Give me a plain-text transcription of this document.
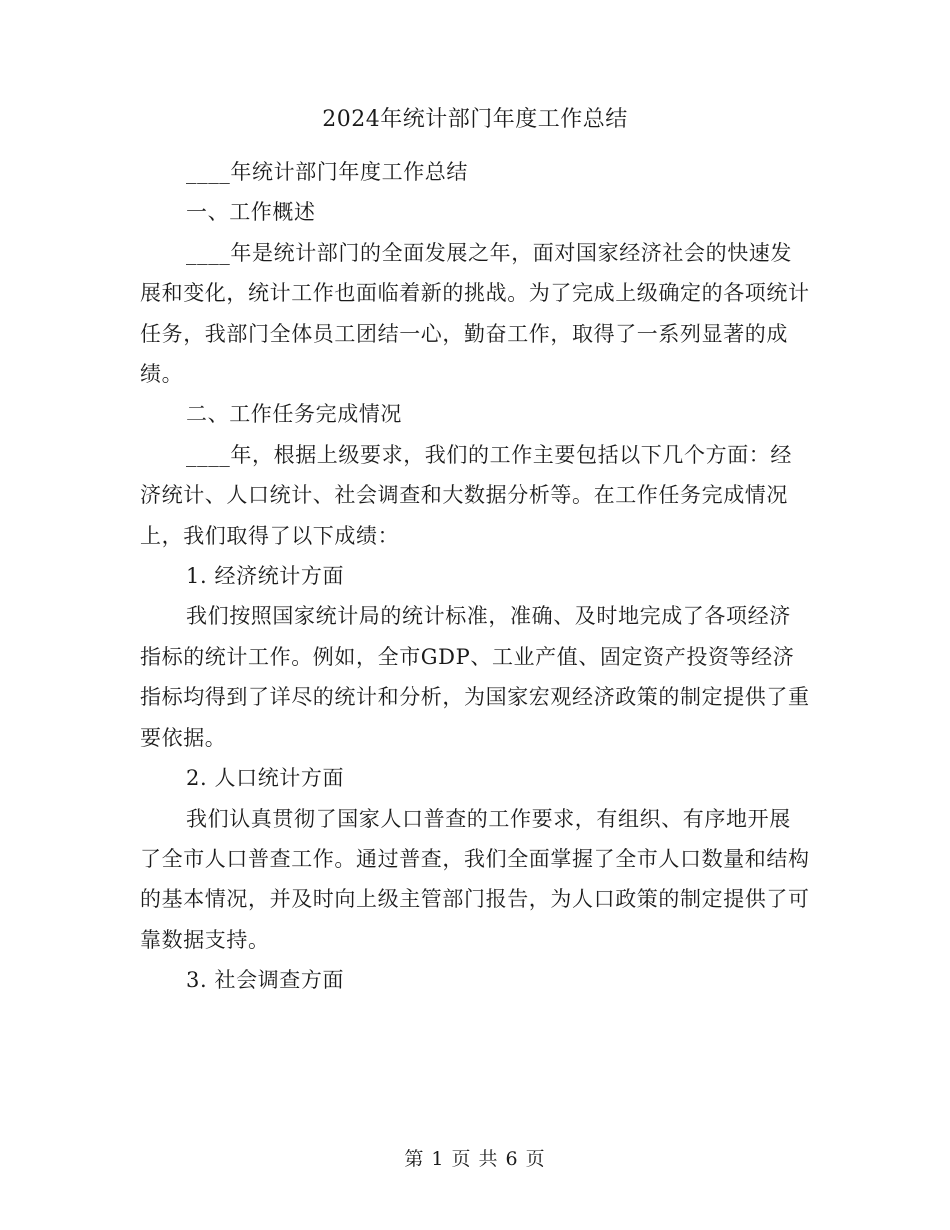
2024年统计部门年度工作总结

____年统计部门年度工作总结

一、工作概述

____年是统计部门的全面发展之年，面对国家经济社会的快速发展和变化，统计工作也面临着新的挑战。为了完成上级确定的各项统计任务，我部门全体员工团结一心，勤奋工作，取得了一系列显著的成绩。

二、工作任务完成情况

____年，根据上级要求，我们的工作主要包括以下几个方面：经济统计、人口统计、社会调查和大数据分析等。在工作任务完成情况上，我们取得了以下成绩：

1. 经济统计方面

我们按照国家统计局的统计标准，准确、及时地完成了各项经济指标的统计工作。例如，全市GDP、工业产值、固定资产投资等经济指标均得到了详尽的统计和分析，为国家宏观经济政策的制定提供了重要依据。

2. 人口统计方面

我们认真贯彻了国家人口普查的工作要求，有组织、有序地开展了全市人口普查工作。通过普查，我们全面掌握了全市人口数量和结构的基本情况，并及时向上级主管部门报告，为人口政策的制定提供了可靠数据支持。

3. 社会调查方面

第 1 页 共 6 页
